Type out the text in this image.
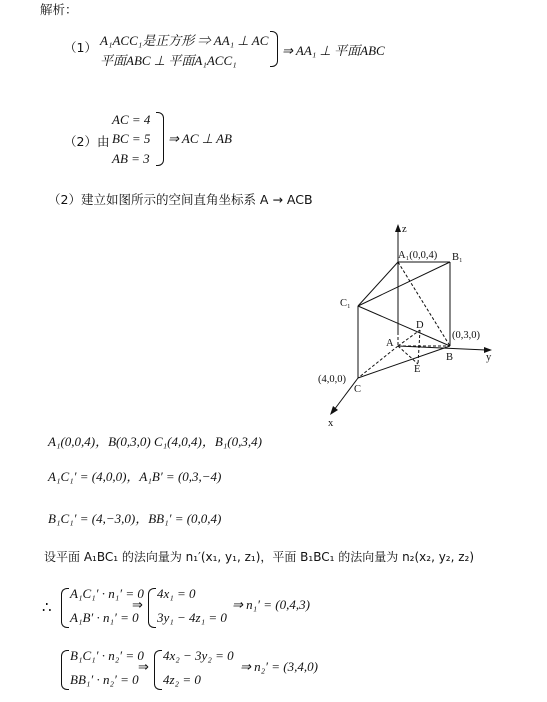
解析：
（1） A₁ACC₁是正方形 ⇒ AA₁ ⊥ AC
平面ABC ⊥ 平面A₁ACC₁
⇒ AA₁ ⊥ 平面ABC
AC = 4
（2）由 BC = 5
AB = 3
⇒ AC ⊥ AB
（2）建立如图所示的空间直角坐标系 A → ACB
z
y
x
A₁(0,0,4) B₁
C₁
D
A
B
C
E
(0,3,0)
(4,0,0)
A₁(0,0,4)，B(0,3,0) C₁(4,0,4)，B₁(0,3,4)
A₁C₁′ = (4,0,0)，A₁B′ = (0,3,−4)
B₁C₁′ = (4,−3,0)，BB₁′ = (0,0,4)
设平面 A₁BC₁ 的法向量为 n₁′(x₁, y₁, z₁)，平面 B₁BC₁ 的法向量为 n₂(x₂, y₂, z₂)
∴
A₁C₁′ · n₁′ = 0
A₁B′ · n₁′ = 0
⇒
4x₁ = 0
3y₁ − 4z₁ = 0
⇒ n₁′ = (0,4,3)
B₁C₁′ · n₂′ = 0
BB₁′ · n₂′ = 0
⇒
4x₂ − 3y₂ = 0
4z₂ = 0
⇒ n₂′ = (3,4,0)
